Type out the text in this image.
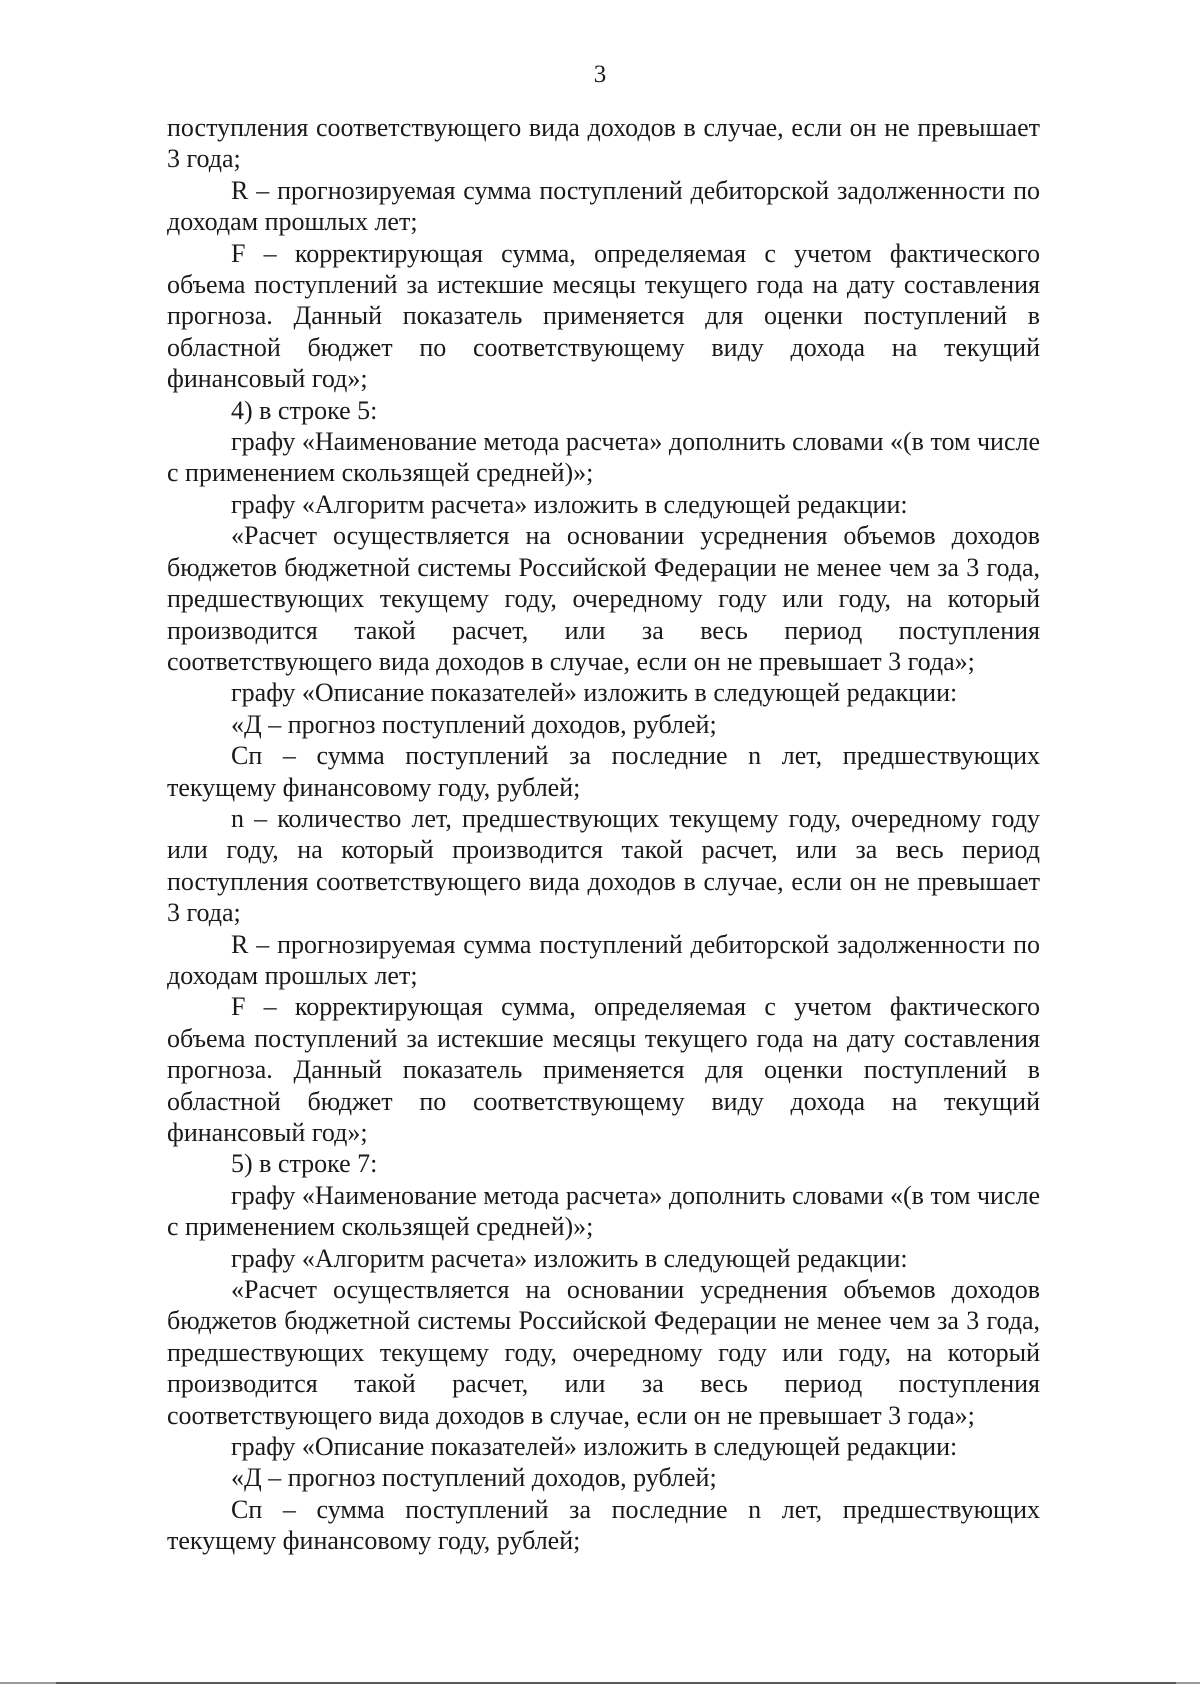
3

поступления соответствующего вида доходов в случае, если он не превышает 3 года;

R – прогнозируемая сумма поступлений дебиторской задолженности по доходам прошлых лет;

F – корректирующая сумма, определяемая с учетом фактического объема поступлений за истекшие месяцы текущего года на дату составления прогноза. Данный показатель применяется для оценки поступлений в областной бюджет по соответствующему виду дохода на текущий финансовый год»;

4) в строке 5:

графу «Наименование метода расчета» дополнить словами «(в том числе с применением скользящей средней)»;

графу «Алгоритм расчета» изложить в следующей редакции:

«Расчет осуществляется на основании усреднения объемов доходов бюджетов бюджетной системы Российской Федерации не менее чем за 3 года, предшествующих текущему году, очередному году или году, на который производится такой расчет, или за весь период поступления соответствующего вида доходов в случае, если он не превышает 3 года»;

графу «Описание показателей» изложить в следующей редакции:

«Д – прогноз поступлений доходов, рублей;

Сп – сумма поступлений за последние n лет, предшествующих текущему финансовому году, рублей;

n – количество лет, предшествующих текущему году, очередному году или году, на который производится такой расчет, или за весь период поступления соответствующего вида доходов в случае, если он не превышает 3 года;

R – прогнозируемая сумма поступлений дебиторской задолженности по доходам прошлых лет;

F – корректирующая сумма, определяемая с учетом фактического объема поступлений за истекшие месяцы текущего года на дату составления прогноза. Данный показатель применяется для оценки поступлений в областной бюджет по соответствующему виду дохода на текущий финансовый год»;

5) в строке 7:

графу «Наименование метода расчета» дополнить словами «(в том числе с применением скользящей средней)»;

графу «Алгоритм расчета» изложить в следующей редакции:

«Расчет осуществляется на основании усреднения объемов доходов бюджетов бюджетной системы Российской Федерации не менее чем за 3 года, предшествующих текущему году, очередному году или году, на который производится такой расчет, или за весь период поступления соответствующего вида доходов в случае, если он не превышает 3 года»;

графу «Описание показателей» изложить в следующей редакции:

«Д – прогноз поступлений доходов, рублей;

Сп – сумма поступлений за последние n лет, предшествующих текущему финансовому году, рублей;
